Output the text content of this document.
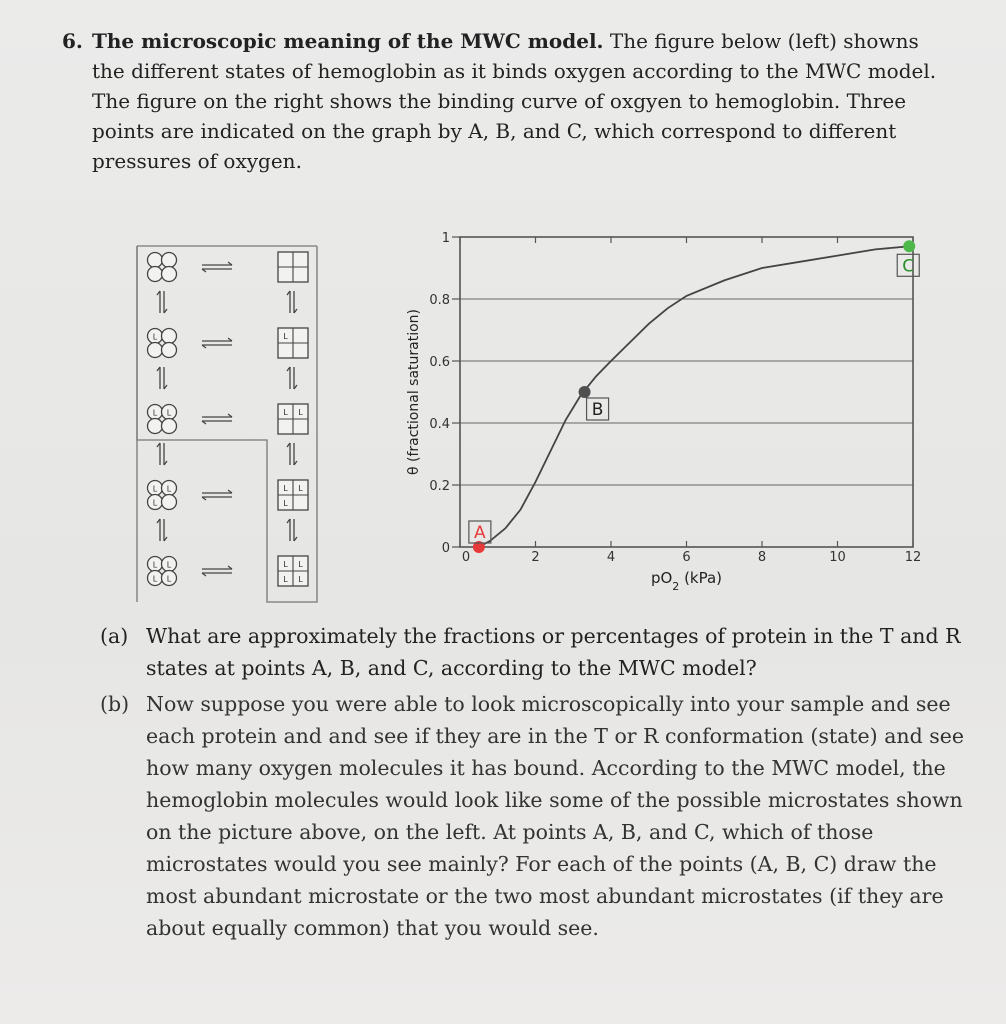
6. The microscopic meaning of the MWC model. The figure below (left) showns the different states of hemoglobin as it binds oxygen according to the MWC model. The figure on the right shows the binding curve of oxgyen to hemoglobin. Three points are indicated on the graph by A, B, and C, which correspond to different pressures of oxygen.
L	L
L L	L L
L L
L
L L
L
L L
L L
L L
L L
0	2	4	6	8	10	12
0
0.2
0.4
0.6
0.8
1
$pO_2$ (kPa)
θ (fractional saturation)
A
B
C
(a) What are approximately the fractions or percentages of protein in the T and R states at points A, B, and C, according to the MWC model?
(b) Now suppose you were able to look microscopically into your sample and see each protein and and see if they are in the T or R conformation (state) and see how many oxygen molecules it has bound. According to the MWC model, the hemoglobin molecules would look like some of the possible microstates shown on the picture above, on the left. At points A, B, and C, which of those microstates would you see mainly? For each of the points (A, B, C) draw the most abundant microstate or the two most abundant microstates (if they are about equally common) that you would see.
